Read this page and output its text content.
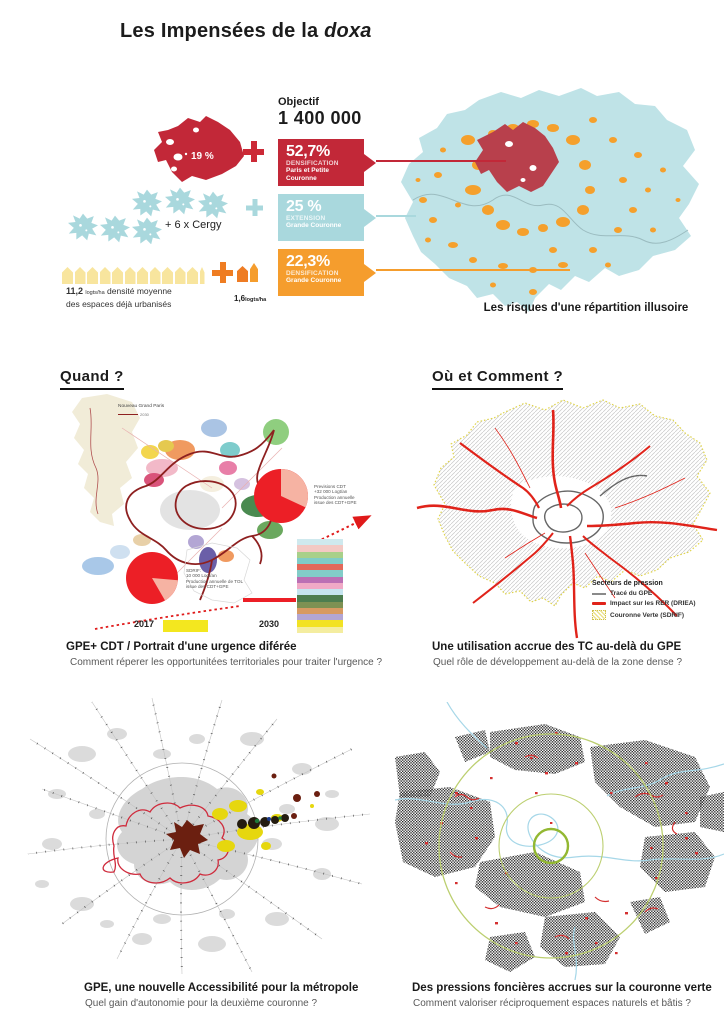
Les Impensées de la doxa
19 %
Objectif
1 400 000
52,7%
DENSIFICATION
Paris et Petite
Couronne
25 %
EXTENSION
Grande Couronne
22,3%
DENSIFICATION
Grande Couronne
Les risques d'une répartition illusoire
+ 6 x Cergy
11,2 logts/ha densité moyenne
des espaces déjà urbanisés
1,6logts/ha
Quand ?
Nouveau Grand Paris
2030
Previsions CDT
+32 000 Logt/an
Production annuelle
issue des CDT+GPE
SDRIF:
10 000 Logt/an
Production annuelle de TOL
issue des CDT+GPE
2017	2030
GPE+ CDT / Portrait d'une urgence diférée
Comment réperer les opportunitées territoriales pour traiter l'urgence ?
Où et Comment ?
Secteurs de pression
Tracé du GPE
Impact sur les RER (DRIEA)
Couronne Verte (SDRIF)
Une utilisation accrue des TC au-delà du GPE
Quel rôle de développement au-delà de la zone dense ?
GPE, une nouvelle Accessibilité pour la métropole
Quel gain d'autonomie pour la deuxième couronne ?
Des pressions foncières accrues sur la couronne verte
Comment valoriser réciproquement espaces naturels et bâtis ?
